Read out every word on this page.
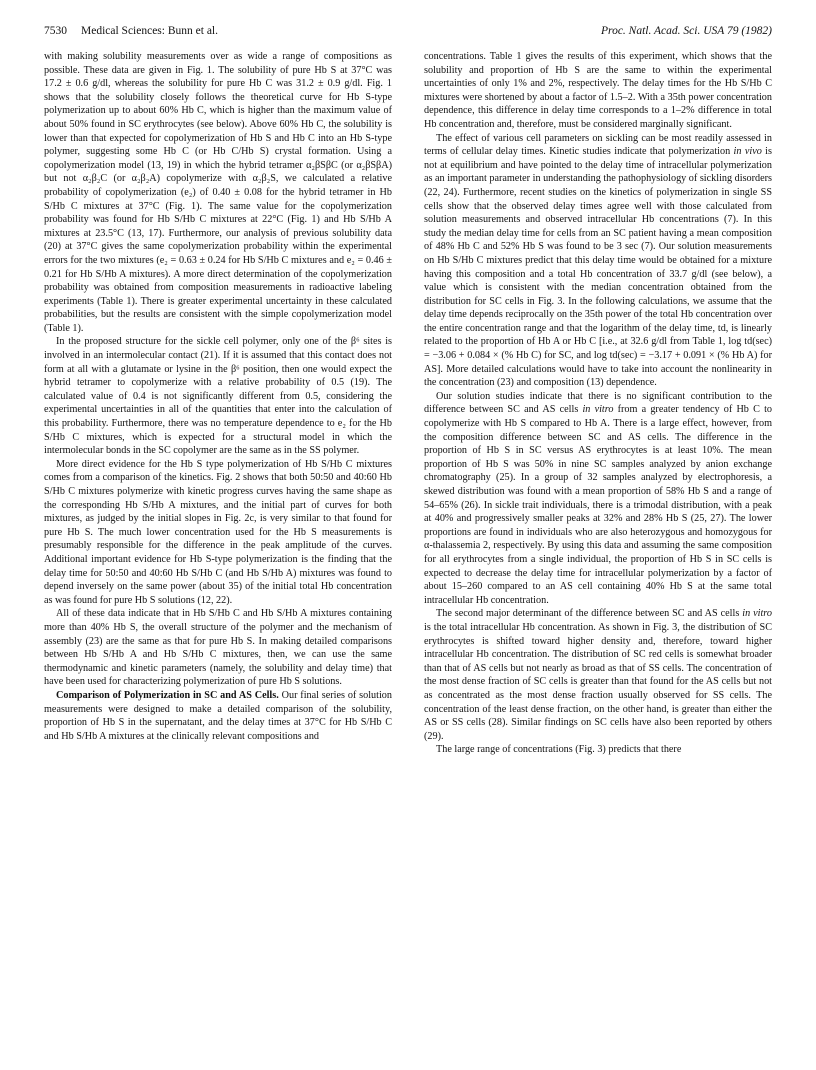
7530 Medical Sciences: Bunn et al.	Proc. Natl. Acad. Sci. USA 79 (1982)

with making solubility measurements over as wide a range of compositions as possible. These data are given in Fig. 1. The solubility of pure Hb S at 37°C was 17.2 ± 0.6 g/dl, whereas the solubility for pure Hb C was 31.2 ± 0.9 g/dl. Fig. 1 shows that the solubility closely follows the theoretical curve for Hb S-type polymerization up to about 60% Hb C, which is higher than the maximum value of about 50% found in SC erythrocytes (see below). Above 60% Hb C, the solubility is lower than that expected for copolymerization of Hb S and Hb C into an Hb S-type polymer, suggesting some Hb C (or Hb C/Hb S) crystal formation. Using a copolymerization model (13, 19) in which the hybrid tetramer α₂βSβC (or α₂βSβA) but not α₂β₂C (or α₂β₂A) copolymerize with α₂β₂S, we calculated a relative probability of copolymerization (e₂) of 0.40 ± 0.08 for the hybrid tetramer in Hb S/Hb C mixtures at 37°C (Fig. 1). The same value for the copolymerization probability was found for Hb S/Hb C mixtures at 22°C (Fig. 1) and Hb S/Hb A mixtures at 23.5°C (13, 17). Furthermore, our analysis of previous solubility data (20) at 37°C gives the same copolymerization probability within the experimental errors for the two mixtures (e₂ = 0.63 ± 0.24 for Hb S/Hb C mixtures and e₂ = 0.46 ± 0.21 for Hb S/Hb A mixtures). A more direct determination of the copolymerization probability was obtained from composition measurements in radioactive labeling experiments (Table 1). There is greater experimental uncertainty in these calculated probabilities, but the results are consistent with the simple copolymerization model (Table 1).

In the proposed structure for the sickle cell polymer, only one of the β⁶ sites is involved in an intermolecular contact (21). If it is assumed that this contact does not form at all with a glutamate or lysine in the β⁶ position, then one would expect the hybrid tetramer to copolymerize with a relative probability of 0.5 (19). The calculated value of 0.4 is not significantly different from 0.5, considering the experimental uncertainties in all of the quantities that enter into the calculation of this probability. Furthermore, there was no temperature dependence to e₂ for the Hb S/Hb C mixtures, which is expected for a structural model in which the intermolecular bonds in the SC copolymer are the same as in the SS polymer.

More direct evidence for the Hb S type polymerization of Hb S/Hb C mixtures comes from a comparison of the kinetics. Fig. 2 shows that both 50:50 and 40:60 Hb S/Hb C mixtures polymerize with kinetic progress curves having the same shape as the corresponding Hb S/Hb A mixtures, and the initial part of curves for both mixtures, as judged by the initial slopes in Fig. 2c, is very similar to that found for pure Hb S. The much lower concentration used for the Hb S measurements is presumably responsible for the difference in the peak amplitude of the curves. Additional important evidence for Hb S-type polymerization is the finding that the delay time for 50:50 and 40:60 Hb S/Hb C (and Hb S/Hb A) mixtures was found to depend inversely on the same power (about 35) of the initial total Hb concentration as was found for pure Hb S solutions (12, 22).

All of these data indicate that in Hb S/Hb C and Hb S/Hb A mixtures containing more than 40% Hb S, the overall structure of the polymer and the mechanism of assembly (23) are the same as that for pure Hb S. In making detailed comparisons between Hb S/Hb A and Hb S/Hb C mixtures, then, we can use the same thermodynamic and kinetic parameters (namely, the solubility and delay time) that have been used for characterizing polymerization of pure Hb S solutions.

Comparison of Polymerization in SC and AS Cells. Our final series of solution measurements were designed to make a detailed comparison of the solubility, proportion of Hb S in the supernatant, and the delay times at 37°C for Hb S/Hb C and Hb S/Hb A mixtures at the clinically relevant compositions and

concentrations. Table 1 gives the results of this experiment, which shows that the solubility and proportion of Hb S are the same to within the experimental uncertainties of only 1% and 2%, respectively. The delay times for the Hb S/Hb C mixtures were shortened by about a factor of 1.5–2. With a 35th power concentration dependence, this difference in delay time corresponds to a 1–2% difference in total Hb concentration and, therefore, must be considered marginally significant.

The effect of various cell parameters on sickling can be most readily assessed in terms of cellular delay times. Kinetic studies indicate that polymerization in vivo is not at equilibrium and have pointed to the delay time of intracellular polymerization as an important parameter in understanding the pathophysiology of sickling disorders (22, 24). Furthermore, recent studies on the kinetics of polymerization in single SS cells show that the observed delay times agree well with those calculated from solution measurements and observed intracellular Hb concentrations (7). In this study the median delay time for cells from an SC patient having a mean composition of 48% Hb C and 52% Hb S was found to be 3 sec (7). Our solution measurements on Hb S/Hb C mixtures predict that this delay time would be obtained for a mixture having this composition and a total Hb concentration of 33.7 g/dl (see below), a value which is consistent with the median concentration obtained from the distribution for SC cells in Fig. 3. In the following calculations, we assume that the delay time depends reciprocally on the 35th power of the total Hb concentration over the entire concentration range and that the logarithm of the delay time, td, is linearly related to the proportion of Hb A or Hb C [i.e., at 32.6 g/dl from Table 1, log td(sec) = −3.06 + 0.084 × (% Hb C) for SC, and log td(sec) = −3.17 + 0.091 × (% Hb A) for AS]. More detailed calculations would have to take into account the nonlinearity in the concentration (23) and composition (13) dependence.

Our solution studies indicate that there is no significant contribution to the difference between SC and AS cells in vitro from a greater tendency of Hb C to copolymerize with Hb S compared to Hb A. There is a large effect, however, from the composition difference between SC and AS cells. The difference in the proportion of Hb S in SC versus AS erythrocytes is at least 10%. The mean proportion of Hb S was 50% in nine SC samples analyzed by anion exchange chromatography (25). In a group of 32 samples analyzed by electrophoresis, a skewed distribution was found with a mean proportion of 58% Hb S and a range of 54–65% (26). In sickle trait individuals, there is a trimodal distribution, with a peak at 40% and progressively smaller peaks at 32% and 28% Hb S (25, 27). The lower proportions are found in individuals who are also heterozygous and homozygous for α-thalassemia 2, respectively. By using this data and assuming the same composition for all erythrocytes from a single individual, the proportion of Hb S in SC cells is expected to decrease the delay time for intracellular polymerization by a factor of about 15–260 compared to an AS cell containing 40% Hb S at the same total intracellular Hb concentration.

The second major determinant of the difference between SC and AS cells in vitro is the total intracellular Hb concentration. As shown in Fig. 3, the distribution of SC erythrocytes is shifted toward higher density and, therefore, toward higher intracellular Hb concentration. The distribution of SC red cells is somewhat broader than that of AS cells but not nearly as broad as that of SS cells. The concentration of the most dense fraction of SC cells is greater than that found for the AS cells but not as concentrated as the most dense fraction usually observed for SS cells. The concentration of the least dense fraction, on the other hand, is greater than either the AS or SS cells (28). Similar findings on SC cells have also been reported by others (29).

The large range of concentrations (Fig. 3) predicts that there
